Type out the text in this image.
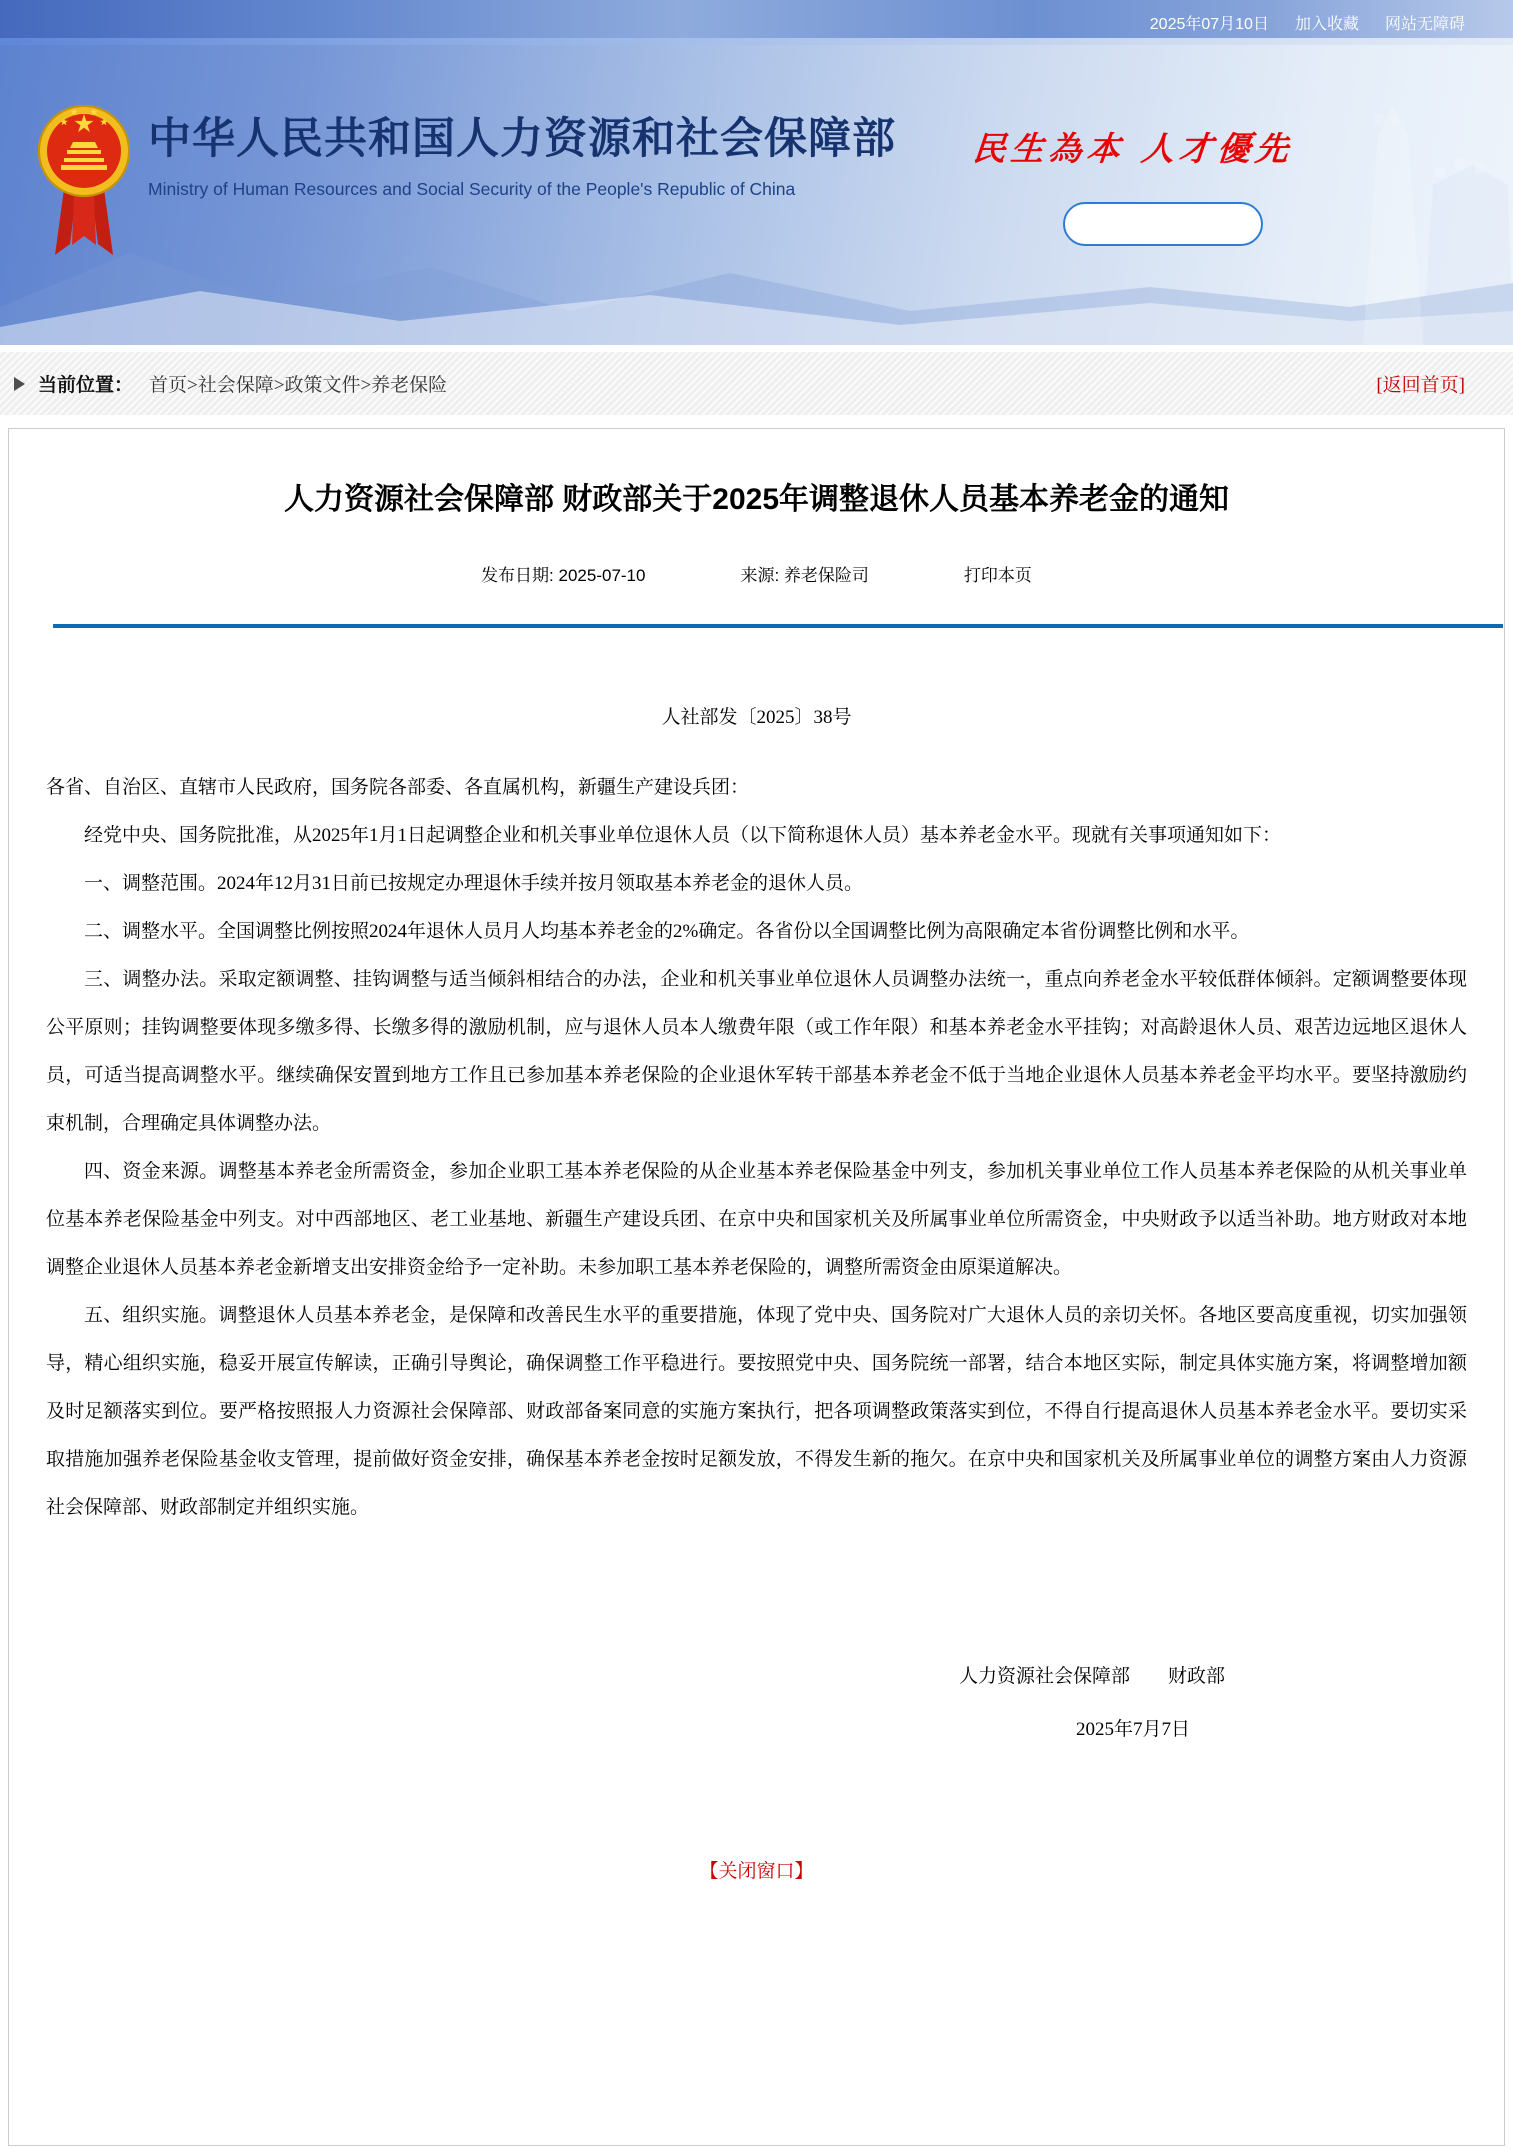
2025年07月10日 加入收藏 网站无障碍
中华人民共和国人力资源和社会保障部
Ministry of Human Resources and Social Security of the People's Republic of China
民生為本 人才優先
当前位置： 首页>社会保障>政策文件>养老保险	[返回首页]
人力资源社会保障部 财政部关于2025年调整退休人员基本养老金的通知
发布日期: 2025-07-10	来源: 养老保险司	打印本页
人社部发〔2025〕38号

各省、自治区、直辖市人民政府，国务院各部委、各直属机构，新疆生产建设兵团：

经党中央、国务院批准，从2025年1月1日起调整企业和机关事业单位退休人员（以下简称退休人员）基本养老金水平。现就有关事项通知如下：

一、调整范围。2024年12月31日前已按规定办理退休手续并按月领取基本养老金的退休人员。

二、调整水平。全国调整比例按照2024年退休人员月人均基本养老金的2%确定。各省份以全国调整比例为高限确定本省份调整比例和水平。

三、调整办法。采取定额调整、挂钩调整与适当倾斜相结合的办法，企业和机关事业单位退休人员调整办法统一，重点向养老金水平较低群体倾斜。定额调整要体现公平原则；挂钩调整要体现多缴多得、长缴多得的激励机制，应与退休人员本人缴费年限（或工作年限）和基本养老金水平挂钩；对高龄退休人员、艰苦边远地区退休人员，可适当提高调整水平。继续确保安置到地方工作且已参加基本养老保险的企业退休军转干部基本养老金不低于当地企业退休人员基本养老金平均水平。要坚持激励约束机制，合理确定具体调整办法。

四、资金来源。调整基本养老金所需资金，参加企业职工基本养老保险的从企业基本养老保险基金中列支，参加机关事业单位工作人员基本养老保险的从机关事业单位基本养老保险基金中列支。对中西部地区、老工业基地、新疆生产建设兵团、在京中央和国家机关及所属事业单位所需资金，中央财政予以适当补助。地方财政对本地调整企业退休人员基本养老金新增支出安排资金给予一定补助。未参加职工基本养老保险的，调整所需资金由原渠道解决。

五、组织实施。调整退休人员基本养老金，是保障和改善民生水平的重要措施，体现了党中央、国务院对广大退休人员的亲切关怀。各地区要高度重视，切实加强领导，精心组织实施，稳妥开展宣传解读，正确引导舆论，确保调整工作平稳进行。要按照党中央、国务院统一部署，结合本地区实际，制定具体实施方案，将调整增加额及时足额落实到位。要严格按照报人力资源社会保障部、财政部备案同意的实施方案执行，把各项调整政策落实到位，不得自行提高退休人员基本养老金水平。要切实采取措施加强养老保险基金收支管理，提前做好资金安排，确保基本养老金按时足额发放，不得发生新的拖欠。在京中央和国家机关及所属事业单位的调整方案由人力资源社会保障部、财政部制定并组织实施。

人力资源社会保障部　　财政部
2025年7月7日
【关闭窗口】
